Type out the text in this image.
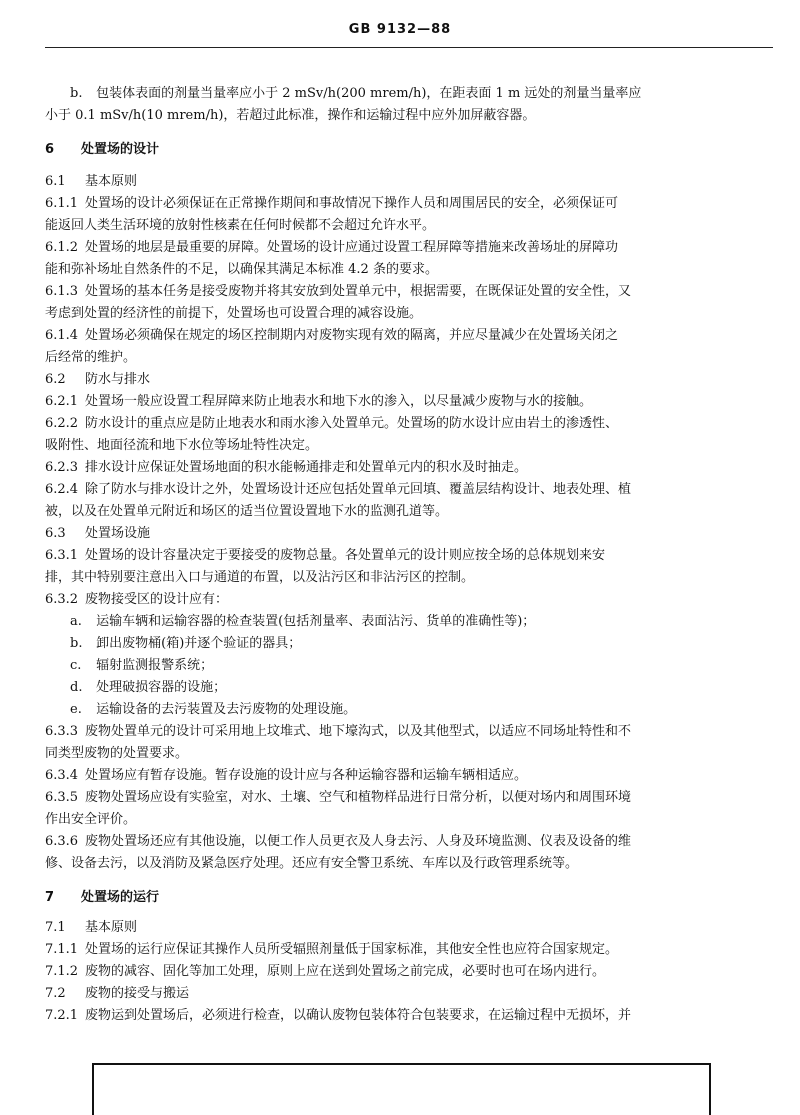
GB 9132—88
b. 包装体表面的剂量当量率应小于 2 mSv/h(200 mrem/h)，在距表面 1 m 远处的剂量当量率应
小于 0.1 mSv/h(10 mrem/h)，若超过此标准，操作和运输过程中应外加屏蔽容器。
6 处置场的设计
6.1 基本原则
6.1.1 处置场的设计必须保证在正常操作期间和事故情况下操作人员和周围居民的安全，必须保证可
能返回人类生活环境的放射性核素在任何时候都不会超过允许水平。
6.1.2 处置场的地层是最重要的屏障。处置场的设计应通过设置工程屏障等措施来改善场址的屏障功
能和弥补场址自然条件的不足，以确保其满足本标准 4.2 条的要求。
6.1.3 处置场的基本任务是接受废物并将其安放到处置单元中，根据需要，在既保证处置的安全性，又
考虑到处置的经济性的前提下，处置场也可设置合理的减容设施。
6.1.4 处置场必须确保在规定的场区控制期内对废物实现有效的隔离，并应尽量减少在处置场关闭之
后经常的维护。
6.2 防水与排水
6.2.1 处置场一般应设置工程屏障来防止地表水和地下水的渗入，以尽量减少废物与水的接触。
6.2.2 防水设计的重点应是防止地表水和雨水渗入处置单元。处置场的防水设计应由岩土的渗透性、
吸附性、地面径流和地下水位等场址特性决定。
6.2.3 排水设计应保证处置场地面的积水能畅通排走和处置单元内的积水及时抽走。
6.2.4 除了防水与排水设计之外，处置场设计还应包括处置单元回填、覆盖层结构设计、地表处理、植
被，以及在处置单元附近和场区的适当位置设置地下水的监测孔道等。
6.3 处置场设施
6.3.1 处置场的设计容量决定于要接受的废物总量。各处置单元的设计则应按全场的总体规划来安
排，其中特别要注意出入口与通道的布置，以及沾污区和非沾污区的控制。
6.3.2 废物接受区的设计应有：
a. 运输车辆和运输容器的检查装置(包括剂量率、表面沾污、货单的准确性等)；
b. 卸出废物桶(箱)并逐个验证的器具；
c. 辐射监测报警系统；
d. 处理破损容器的设施；
e. 运输设备的去污装置及去污废物的处理设施。
6.3.3 废物处置单元的设计可采用地上坟堆式、地下壕沟式，以及其他型式，以适应不同场址特性和不
同类型废物的处置要求。
6.3.4 处置场应有暂存设施。暂存设施的设计应与各种运输容器和运输车辆相适应。
6.3.5 废物处置场应设有实验室，对水、土壤、空气和植物样品进行日常分析，以便对场内和周围环境
作出安全评价。
6.3.6 废物处置场还应有其他设施，以便工作人员更衣及人身去污、人身及环境监测、仪表及设备的维
修、设备去污，以及消防及紧急医疗处理。还应有安全警卫系统、车库以及行政管理系统等。
7 处置场的运行
7.1 基本原则
7.1.1 处置场的运行应保证其操作人员所受辐照剂量低于国家标准，其他安全性也应符合国家规定。
7.1.2 废物的减容、固化等加工处理，原则上应在送到处置场之前完成，必要时也可在场内进行。
7.2 废物的接受与搬运
7.2.1 废物运到处置场后，必须进行检查，以确认废物包装体符合包装要求，在运输过程中无损坏，并
